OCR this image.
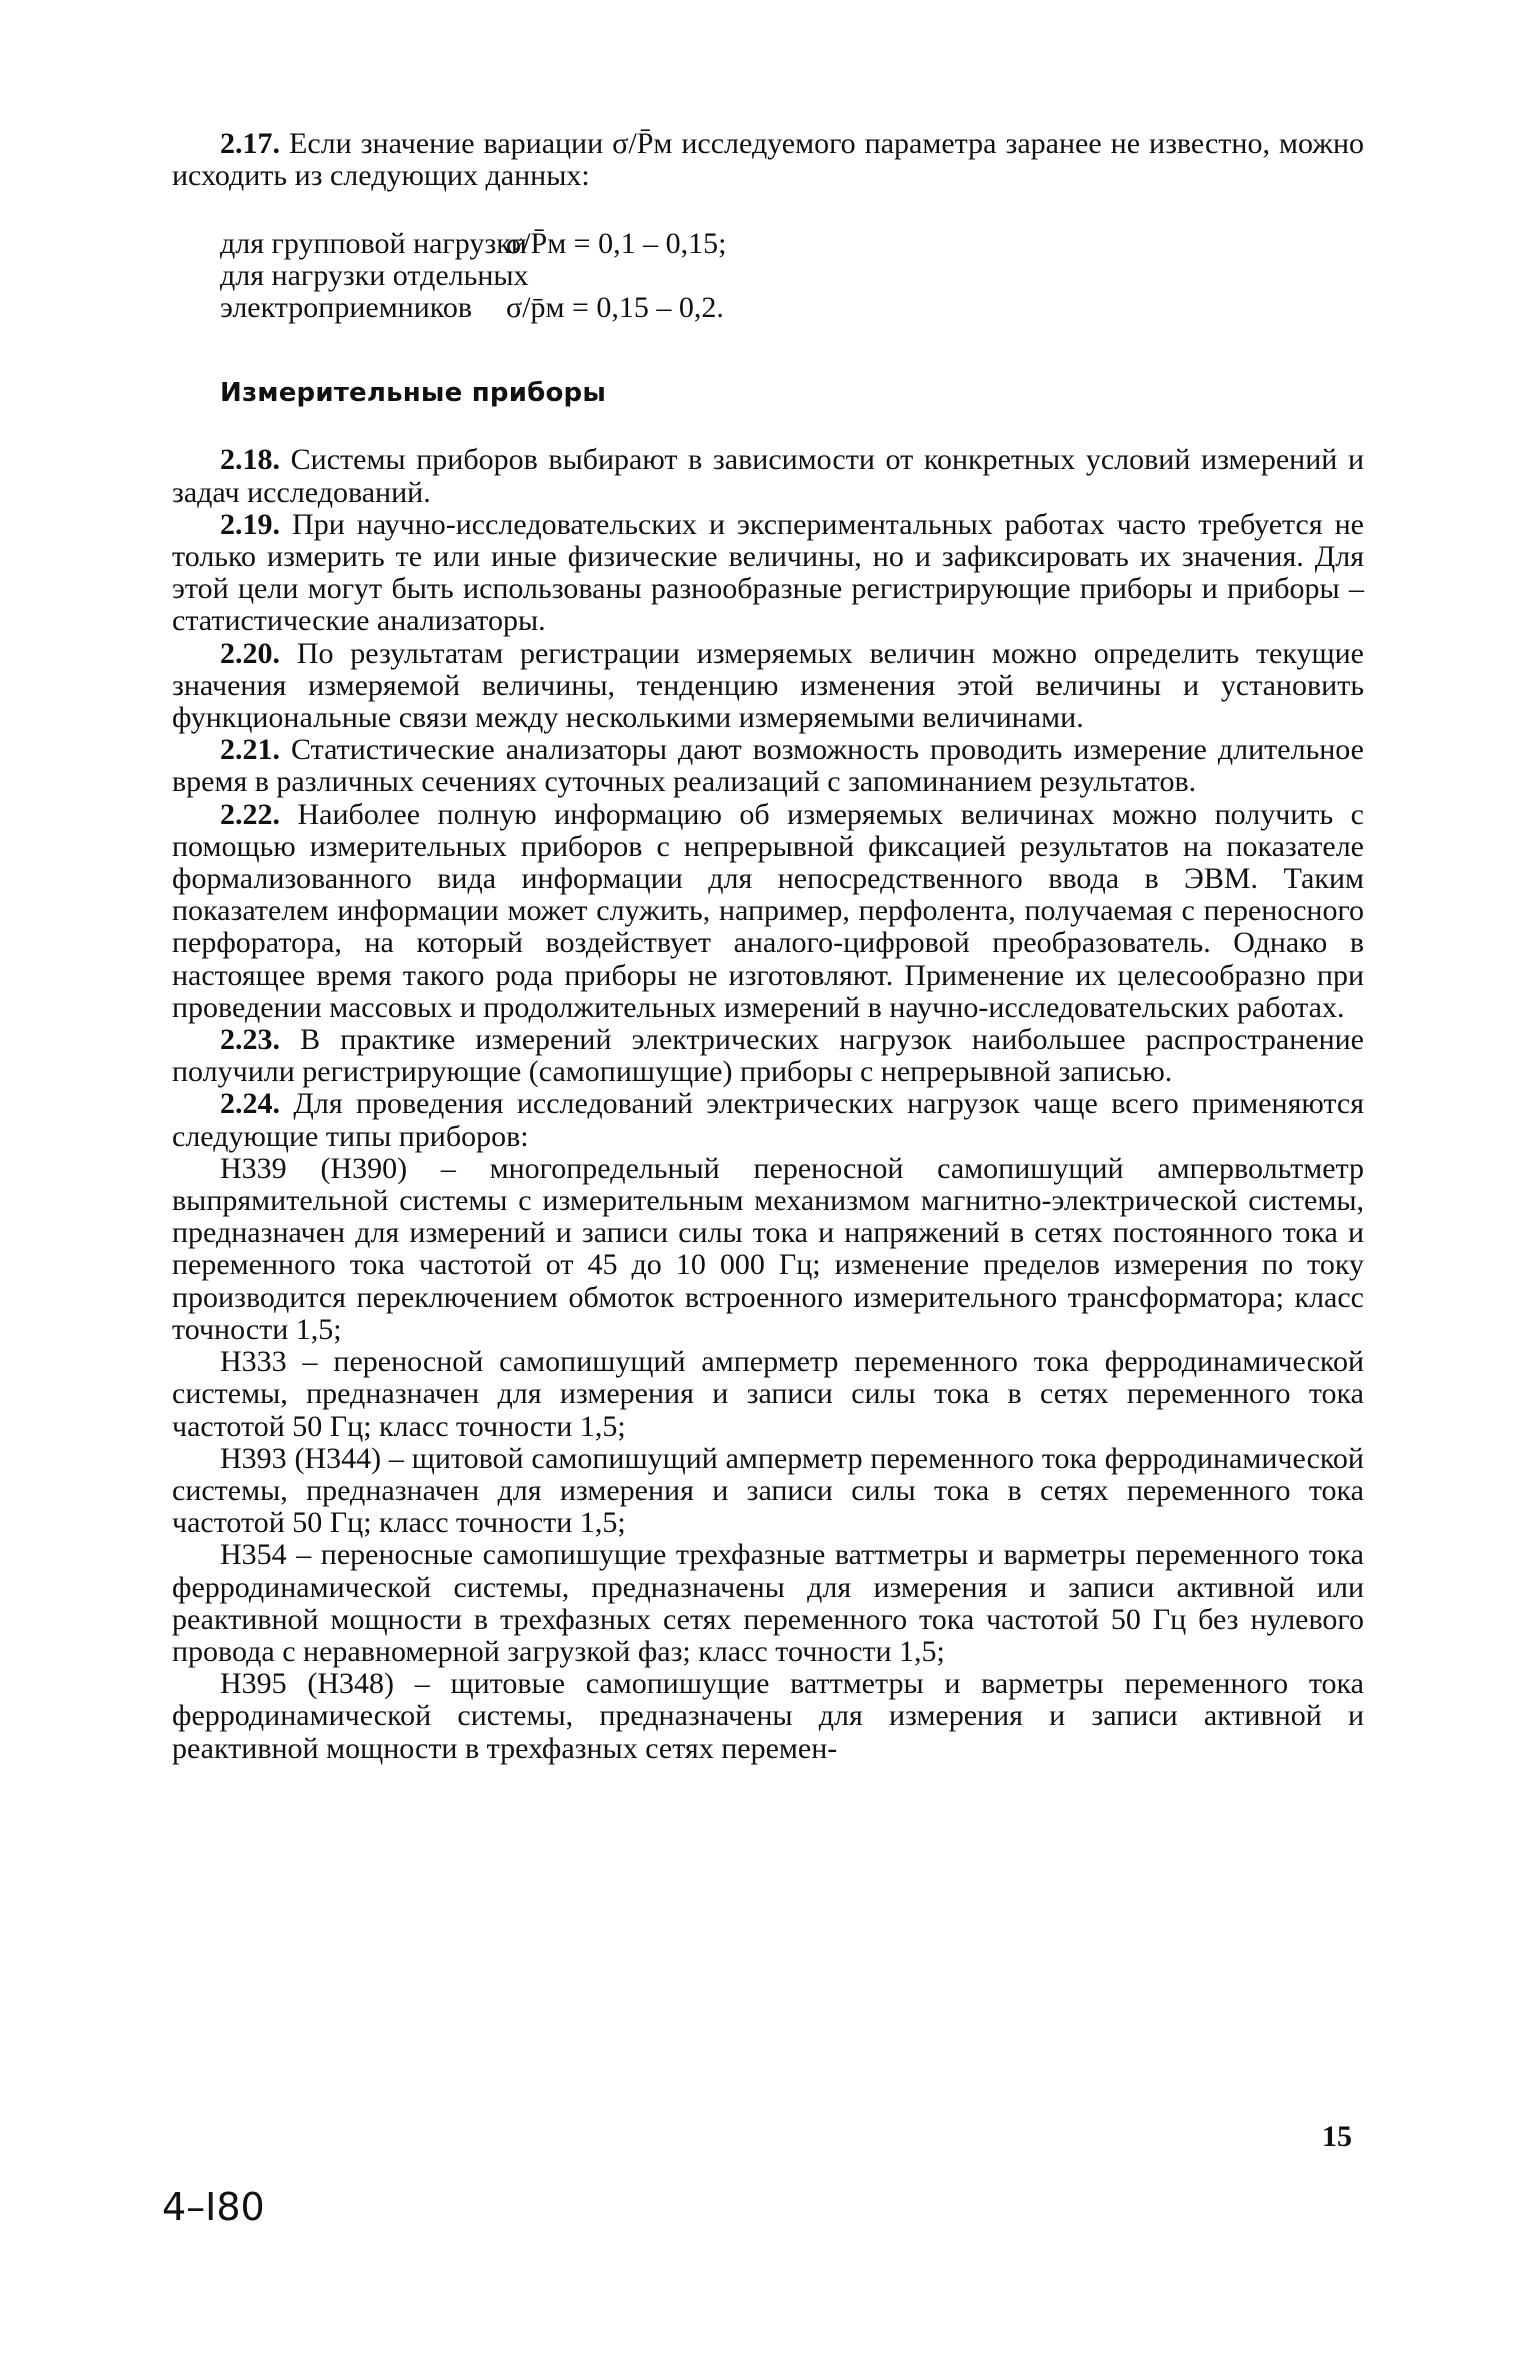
2.17. Если значение вариации σ/P̄м исследуемого параметра заранее не известно, можно исходить из следующих данных:

для групповой нагрузки
σ/P̄м = 0,1 – 0,15;
для нагрузки отдельных
электроприемников	σ/p̄м = 0,15 – 0,2.
Измерительные приборы

2.18. Системы приборов выбирают в зависимости от конкретных условий измерений и задач исследований.

2.19. При научно-исследовательских и экспериментальных работах часто требуется не только измерить те или иные физические величины, но и зафиксировать их значения. Для этой цели могут быть использованы разнообразные регистрирующие приборы и приборы – статистические анализаторы.

2.20. По результатам регистрации измеряемых величин можно определить текущие значения измеряемой величины, тенденцию изменения этой величины и установить функциональные связи между несколькими измеряемыми величинами.

2.21. Статистические анализаторы дают возможность проводить измерение длительное время в различных сечениях суточных реализаций с запоминанием результатов.

2.22. Наиболее полную информацию об измеряемых величинах можно получить с помощью измерительных приборов с непрерывной фиксацией результатов на показателе формализованного вида информации для непосредственного ввода в ЭВМ. Таким показателем информации может служить, например, перфолента, получаемая с переносного перфоратора, на который воздействует аналого-цифровой преобразователь. Однако в настоящее время такого рода приборы не изготовляют. Применение их целесообразно при проведении массовых и продолжительных измерений в научно-исследовательских работах.

2.23. В практике измерений электрических нагрузок наибольшее распространение получили регистрирующие (самопишущие) приборы с непрерывной записью.

2.24. Для проведения исследований электрических нагрузок чаще всего применяются следующие типы приборов:

Н339 (Н390) – многопредельный переносной самопишущий ампервольтметр выпрямительной системы с измерительным механизмом магнитно-электрической системы, предназначен для измерений и записи силы тока и напряжений в сетях постоянного тока и переменного тока частотой от 45 до 10 000 Гц; изменение пределов измерения по току производится переключением обмоток встроенного измерительного трансформатора; класс точности 1,5;

Н333 – переносной самопишущий амперметр переменного тока ферродинамической системы, предназначен для измерения и записи силы тока в сетях переменного тока частотой 50 Гц; класс точности 1,5;

Н393 (Н344) – щитовой самопишущий амперметр переменного тока ферродинамической системы, предназначен для измерения и записи силы тока в сетях переменного тока частотой 50 Гц; класс точности 1,5;

Н354 – переносные самопишущие трехфазные ваттметры и варметры переменного тока ферродинамической системы, предназначены для измерения и записи активной или реактивной мощности в трехфазных сетях переменного тока частотой 50 Гц без нулевого провода с неравномерной загрузкой фаз; класс точности 1,5;

Н395 (Н348) – щитовые самопишущие ваттметры и варметры переменного тока ферродинамической системы, предназначены для измерения и записи активной и реактивной мощности в трехфазных сетях перемен-

15
4–I80
